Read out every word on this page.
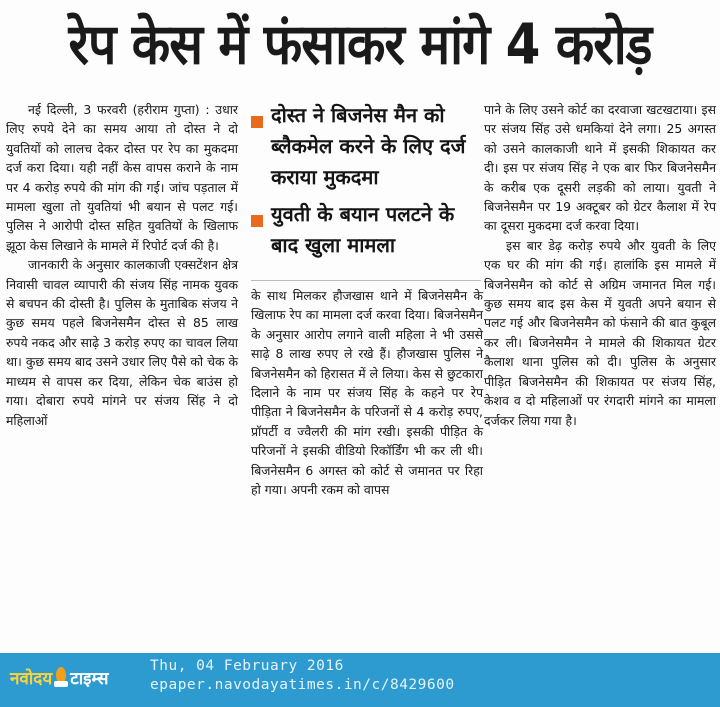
रेप केस में फंसाकर मांगे 4 करोड़

नई दिल्ली, 3 फरवरी (हरीराम गुप्ता) : उधार लिए रुपये देने का समय आया तो दोस्त ने दो युवतियों को लालच देकर दोस्त पर रेप का मुकदमा दर्ज करा दिया। यही नहीं केस वापस कराने के नाम पर 4 करोड़ रुपये की मांग की गई। जांच पड़ताल में मामला खुला तो युवतियां भी बयान से पलट गई। पुलिस ने आरोपी दोस्त सहित युवतियों के खिलाफ झूठा केस लिखाने के मामले में रिपोर्ट दर्ज की है।

जानकारी के अनुसार कालकाजी एक्सटेंशन क्षेत्र निवासी चावल व्यापारी की संजय सिंह नामक युवक से बचपन की दोस्ती है। पुलिस के मुताबिक संजय ने कुछ समय पहले बिजनेसमैन दोस्त से 85 लाख रुपये नकद और साढ़े 3 करोड़ रुपए का चावल लिया था। कुछ समय बाद उसने उधार लिए पैसे को चेक के माध्यम से वापस कर दिया, लेकिन चेक बाउंस हो गया। दोबारा रुपये मांगने पर संजय सिंह ने दो महिलाओं

दोस्त ने बिजनेस मैन को ब्लैकमेल करने के लिए दर्ज कराया मुकदमा
युवती के बयान पलटने के बाद खुला मामला

के साथ मिलकर हौजखास थाने में बिजनेसमैन के खिलाफ रेप का मामला दर्ज करवा दिया। बिजनेसमैन के अनुसार आरोप लगाने वाली महिला ने भी उससे साढ़े 8 लाख रुपए ले रखे हैं। हौजखास पुलिस ने बिजनेसमैन को हिरासत में ले लिया। केस से छुटकारा दिलाने के नाम पर संजय सिंह के कहने पर रेप पीड़िता ने बिजनेसमैन के परिजनों से 4 करोड़ रुपए, प्रॉपर्टी व ज्वैलरी की मांग रखी। इसकी पीड़ित के परिजनों ने इसकी वीडियो रिकॉर्डिंग भी कर ली थी। बिजनेसमैन 6 अगस्त को कोर्ट से जमानत पर रिहा हो गया। अपनी रकम को वापस

पाने के लिए उसने कोर्ट का दरवाजा खटखटाया। इस पर संजय सिंह उसे धमकियां देने लगा। 25 अगस्त को उसने कालकाजी थाने में इसकी शिकायत कर दी। इस पर संजय सिंह ने एक बार फिर बिजनेसमैन के करीब एक दूसरी लड़की को लाया। युवती ने बिजनेसमैन पर 19 अक्टूबर को ग्रेटर कैलाश में रेप का दूसरा मुकदमा दर्ज करवा दिया।

इस बार डेढ़ करोड़ रुपये और युवती के लिए एक घर की मांग की गई। हालांकि इस मामले में बिजनेसमैन को कोर्ट से अग्रिम जमानत मिल गई। कुछ समय बाद इस केस में युवती अपने बयान से पलट गई और बिजनेसमैन को फंसाने की बात कुबूल कर ली। बिजनेसमैन ने मामले की शिकायत ग्रेटर कैलाश थाना पुलिस को दी। पुलिस के अनुसार पीड़ित बिजनेसमैन की शिकायत पर संजय सिंह, केशव व दो महिलाओं पर रंगदारी मांगने का मामला दर्जकर लिया गया है।

नवोदय टाइम्स
Thu, 04 February 2016
epaper.navodayatimes.in/c/8429600
